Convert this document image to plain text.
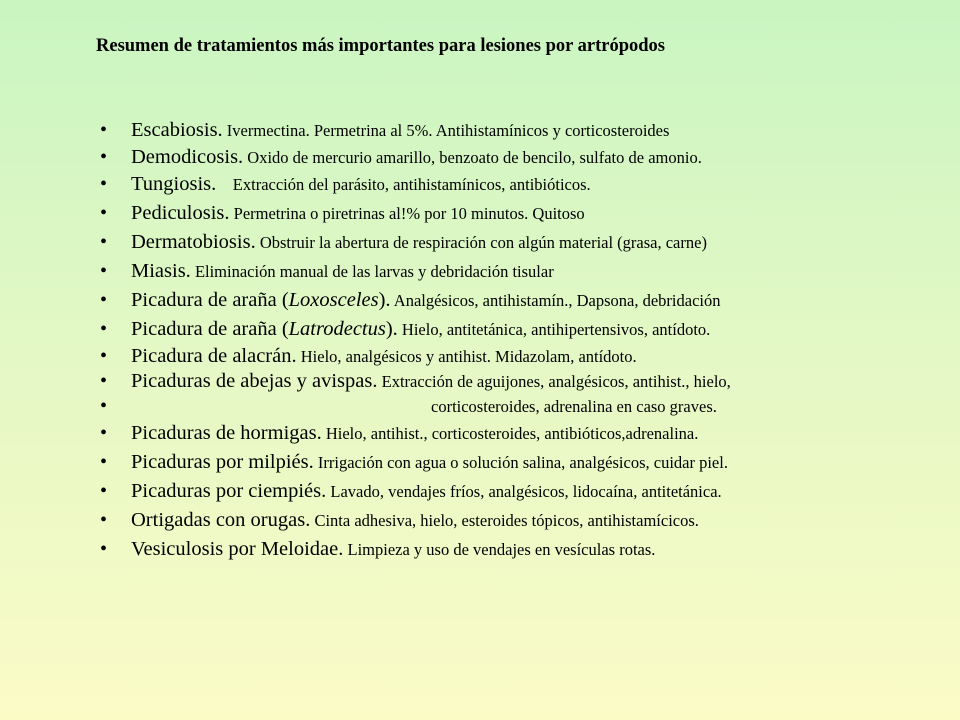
Resumen de tratamientos más importantes para lesiones por artrópodos
• Escabiosis. Ivermectina. Permetrina al 5%. Antihistamínicos y corticosteroides
• Demodicosis. Oxido de mercurio amarillo, benzoato de bencilo, sulfato de amonio.
• Tungiosis.    Extracción del parásito, antihistamínicos, antibióticos.
• Pediculosis. Permetrina o piretrinas al!% por 10 minutos. Quitoso
• Dermatobiosis. Obstruir la abertura de respiración con algún material (grasa, carne)
• Miasis. Eliminación manual de las larvas y debridación tisular
• Picadura de araña (Loxosceles). Analgésicos, antihistamín., Dapsona, debridación
• Picadura de araña (Latrodectus). Hielo, antitetánica, antihipertensivos, antídoto.
• Picadura de alacrán. Hielo, analgésicos y antihist. Midazolam, antídoto.
• Picaduras de abejas y avispas. Extracción de aguijones, analgésicos, antihist., hielo,
• corticosteroides, adrenalina en caso graves.
• Picaduras de hormigas. Hielo, antihist., corticosteroides, antibióticos,adrenalina.
• Picaduras por milpiés. Irrigación con agua o solución salina, analgésicos, cuidar piel.
• Picaduras por ciempiés. Lavado, vendajes fríos, analgésicos, lidocaína, antitetánica.
• Ortigadas con orugas. Cinta adhesiva, hielo, esteroides tópicos, antihistamícicos.
• Vesiculosis por Meloidae. Limpieza y uso de vendajes en vesículas rotas.
